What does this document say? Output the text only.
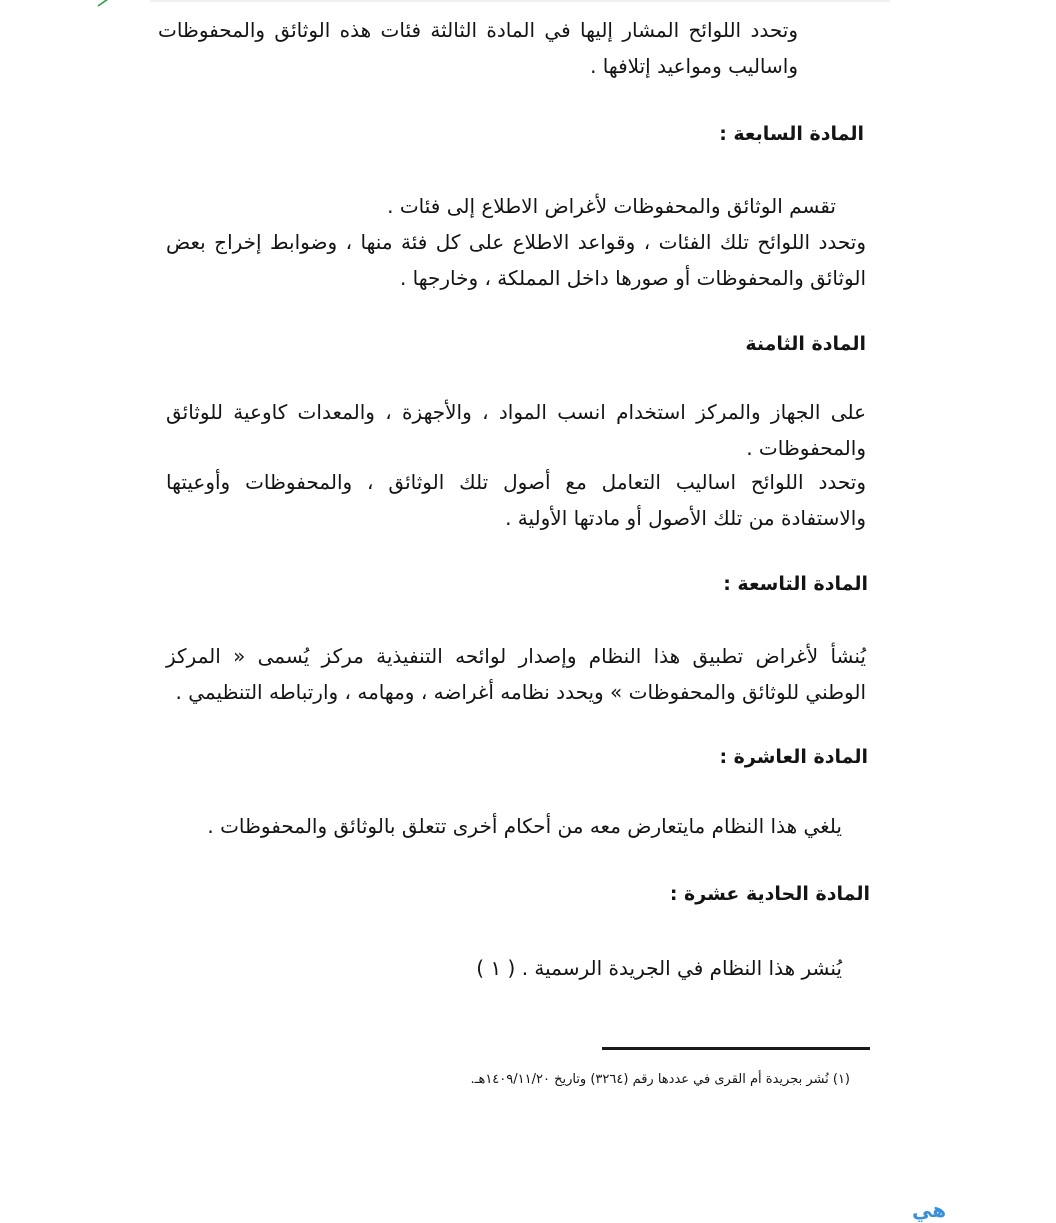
وتحدد اللوائح المشار إليها في المادة الثالثة فئات هذه الوثائق والمحفوظات واساليب ومواعيد إتلافها .

المادة السابعة :

تقسم الوثائق والمحفوظات لأغراض الاطلاع إلى فئات .

وتحدد اللوائح تلك الفئات ، وقواعد الاطلاع على كل فئة منها ، وضوابط إخراج بعض الوثائق والمحفوظات أو صورها داخل المملكة ، وخارجها .

المادة الثامنة

على الجهاز والمركز استخدام انسب المواد ، والأجهزة ، والمعدات كاوعية للوثائق والمحفوظات .

وتحدد اللوائح اساليب التعامل مع أصول تلك الوثائق ، والمحفوظات وأوعيتها والاستفادة من تلك الأصول أو مادتها الأولية .

المادة التاسعة :

يُنشأ لأغراض تطبيق هذا النظام وإصدار لوائحه التنفيذية مركز يُسمى « المركز الوطني للوثائق والمحفوظات » ويحدد نظامه أغراضه ، ومهامه ، وارتباطه التنظيمي .

المادة العاشرة :

يلغي هذا النظام مايتعارض معه من أحكام أخرى تتعلق بالوثائق والمحفوظات .

المادة الحادية عشرة :

يُنشر هذا النظام في الجريدة الرسمية . ( ١ )

(١) نُشر بجريدة أم القرى في عددها رقم (٣٢٦٤) وتاريخ ١٤٠٩/١١/٢٠هـ.
هي
